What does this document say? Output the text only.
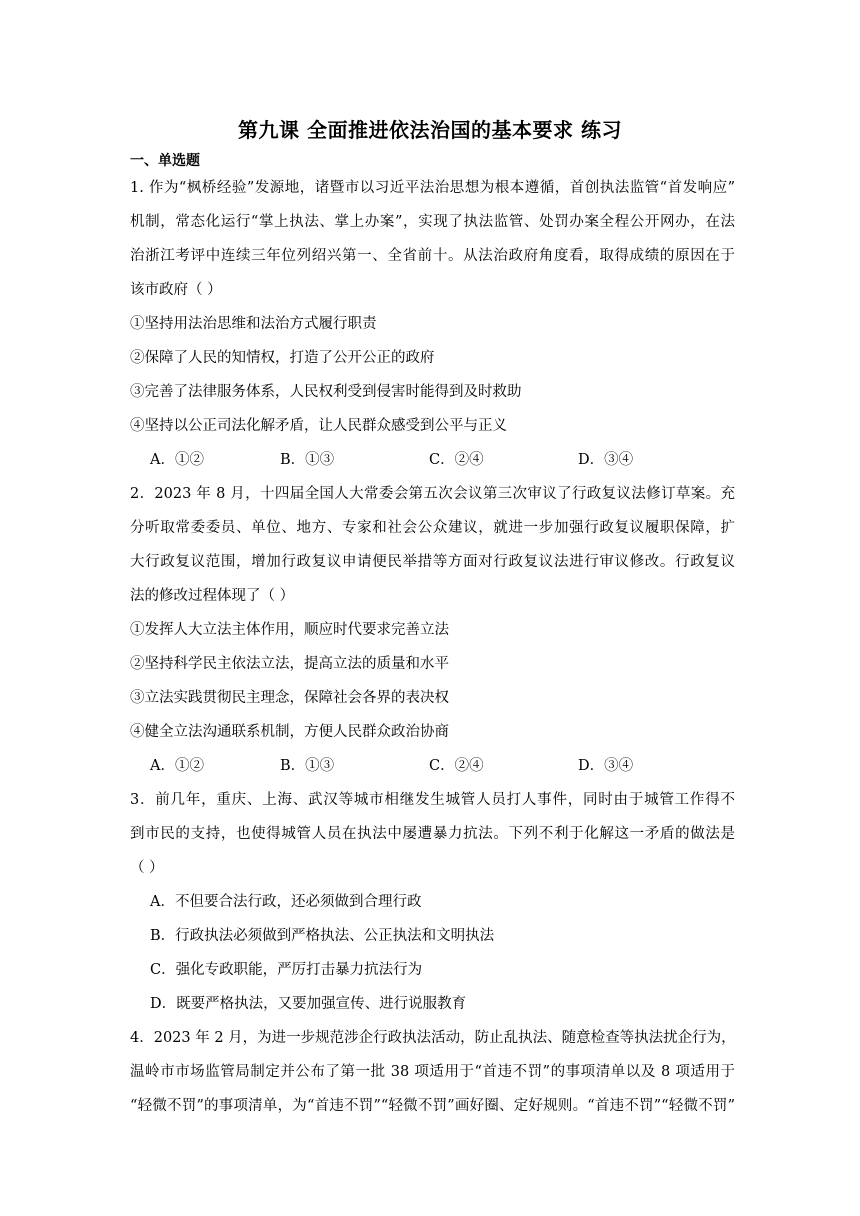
第九课 全面推进依法治国的基本要求 练习
一、单选题
1. 作为“枫桥经验”发源地，诸暨市以习近平法治思想为根本遵循，首创执法监管“首发响应”
机制，常态化运行“掌上执法、掌上办案”，实现了执法监管、处罚办案全程公开网办，在法
治浙江考评中连续三年位列绍兴第一、全省前十。从法治政府角度看，取得成绩的原因在于
该市政府（ ）
①坚持用法治思维和法治方式履行职责
②保障了人民的知情权，打造了公开公正的政府
③完善了法律服务体系，人民权利受到侵害时能得到及时救助
④坚持以公正司法化解矛盾，让人民群众感受到公平与正义
A．①②	B．①③	C．②④	D．③④
2．2023 年 8 月，十四届全国人大常委会第五次会议第三次审议了行政复议法修订草案。充
分听取常委委员、单位、地方、专家和社会公众建议，就进一步加强行政复议履职保障，扩
大行政复议范围，增加行政复议申请便民举措等方面对行政复议法进行审议修改。行政复议
法的修改过程体现了（ ）
①发挥人大立法主体作用，顺应时代要求完善立法
②坚持科学民主依法立法，提高立法的质量和水平
③立法实践贯彻民主理念，保障社会各界的表决权
④健全立法沟通联系机制，方便人民群众政治协商
A．①②	B．①③	C．②④	D．③④
3．前几年，重庆、上海、武汉等城市相继发生城管人员打人事件，同时由于城管工作得不
到市民的支持，也使得城管人员在执法中屡遭暴力抗法。下列不利于化解这一矛盾的做法是
（ ）
A．不但要合法行政，还必须做到合理行政
B．行政执法必须做到严格执法、公正执法和文明执法
C．强化专政职能，严厉打击暴力抗法行为
D．既要严格执法，又要加强宣传、进行说服教育
4．2023 年 2 月，为进一步规范涉企行政执法活动，防止乱执法、随意检查等执法扰企行为，
温岭市市场监管局制定并公布了第一批 38 项适用于“首违不罚”的事项清单以及 8 项适用于
“轻微不罚”的事项清单，为“首违不罚”“轻微不罚”画好圈、定好规则。“首违不罚”“轻微不罚”
